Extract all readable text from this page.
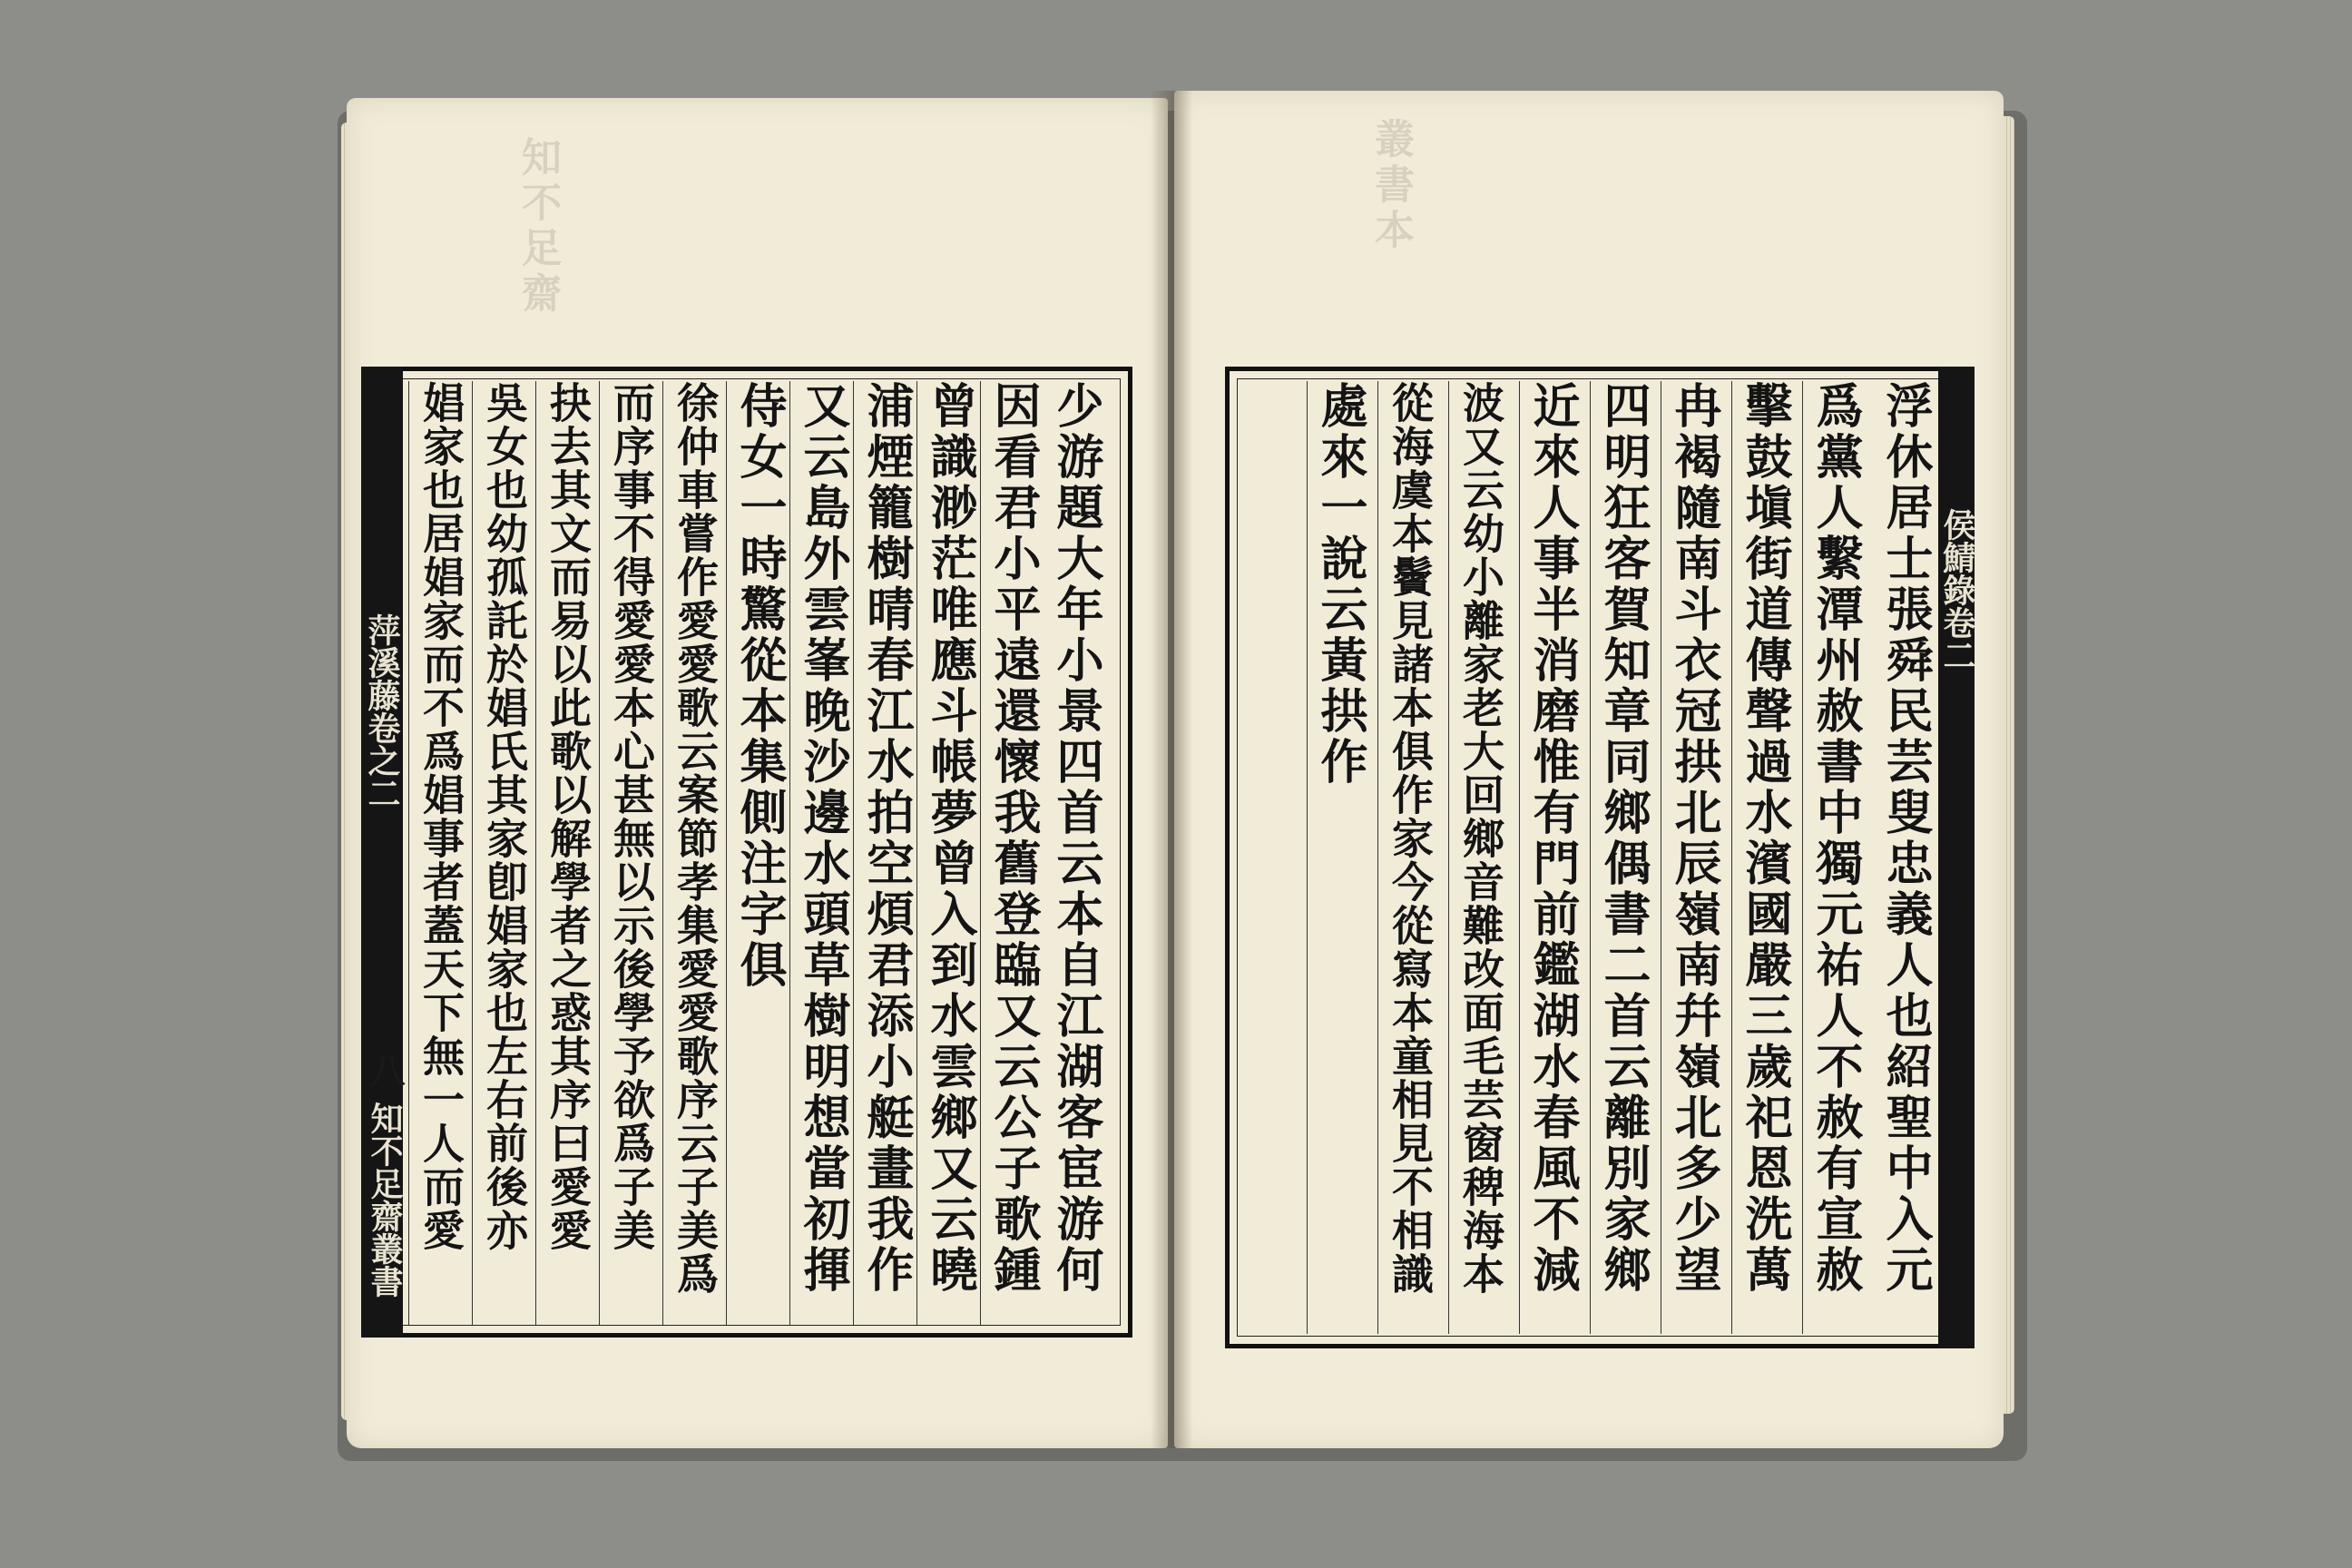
知不足齋	叢書本
萍溪藤卷之二
少游題大年小景四首云本自江湖客宦游何
因看君小平遠還懷我舊登臨又云公子歌鍾
曾識渺茫唯應斗帳夢曾入到水雲鄉又云曉
浦煙籠樹晴春江水拍空煩君添小艇畫我作
又云島外雲峯晚沙邊水頭草樹明想當初揮
侍女一時驚從本集側注字俱
徐仲車嘗作愛愛歌云案節孝集愛愛歌序云子美爲
而序事不得愛愛本心甚無以示後學予欲爲子美
抉去其文而易以此歌以解學者之惑其序曰愛愛
吳女也幼孤託於娼氏其家卽娼家也左右前後亦
娼家也居娼家而不爲娼事者蓋天下無一人而愛
八
知不足齋叢書
侯鯖錄卷二
浮休居士張舜民芸叟忠義人也紹聖中入元
爲黨人繫潭州赦書中獨元祐人不赦有宣赦
擊鼓塡街道傳聲過水濱國嚴三歲祀恩洗萬
冉褐隨南斗衣冠拱北辰嶺南幷嶺北多少望
四明狂客賀知章同鄉偶書二首云離別家鄉
近來人事半消磨惟有門前鑑湖水春風不減
波又云幼小離家老大回鄉音難改面毛芸窗稗海本
從海虞本鬢見諸本俱作家今從寫本童相見不相識
處來一說云黃拱作
